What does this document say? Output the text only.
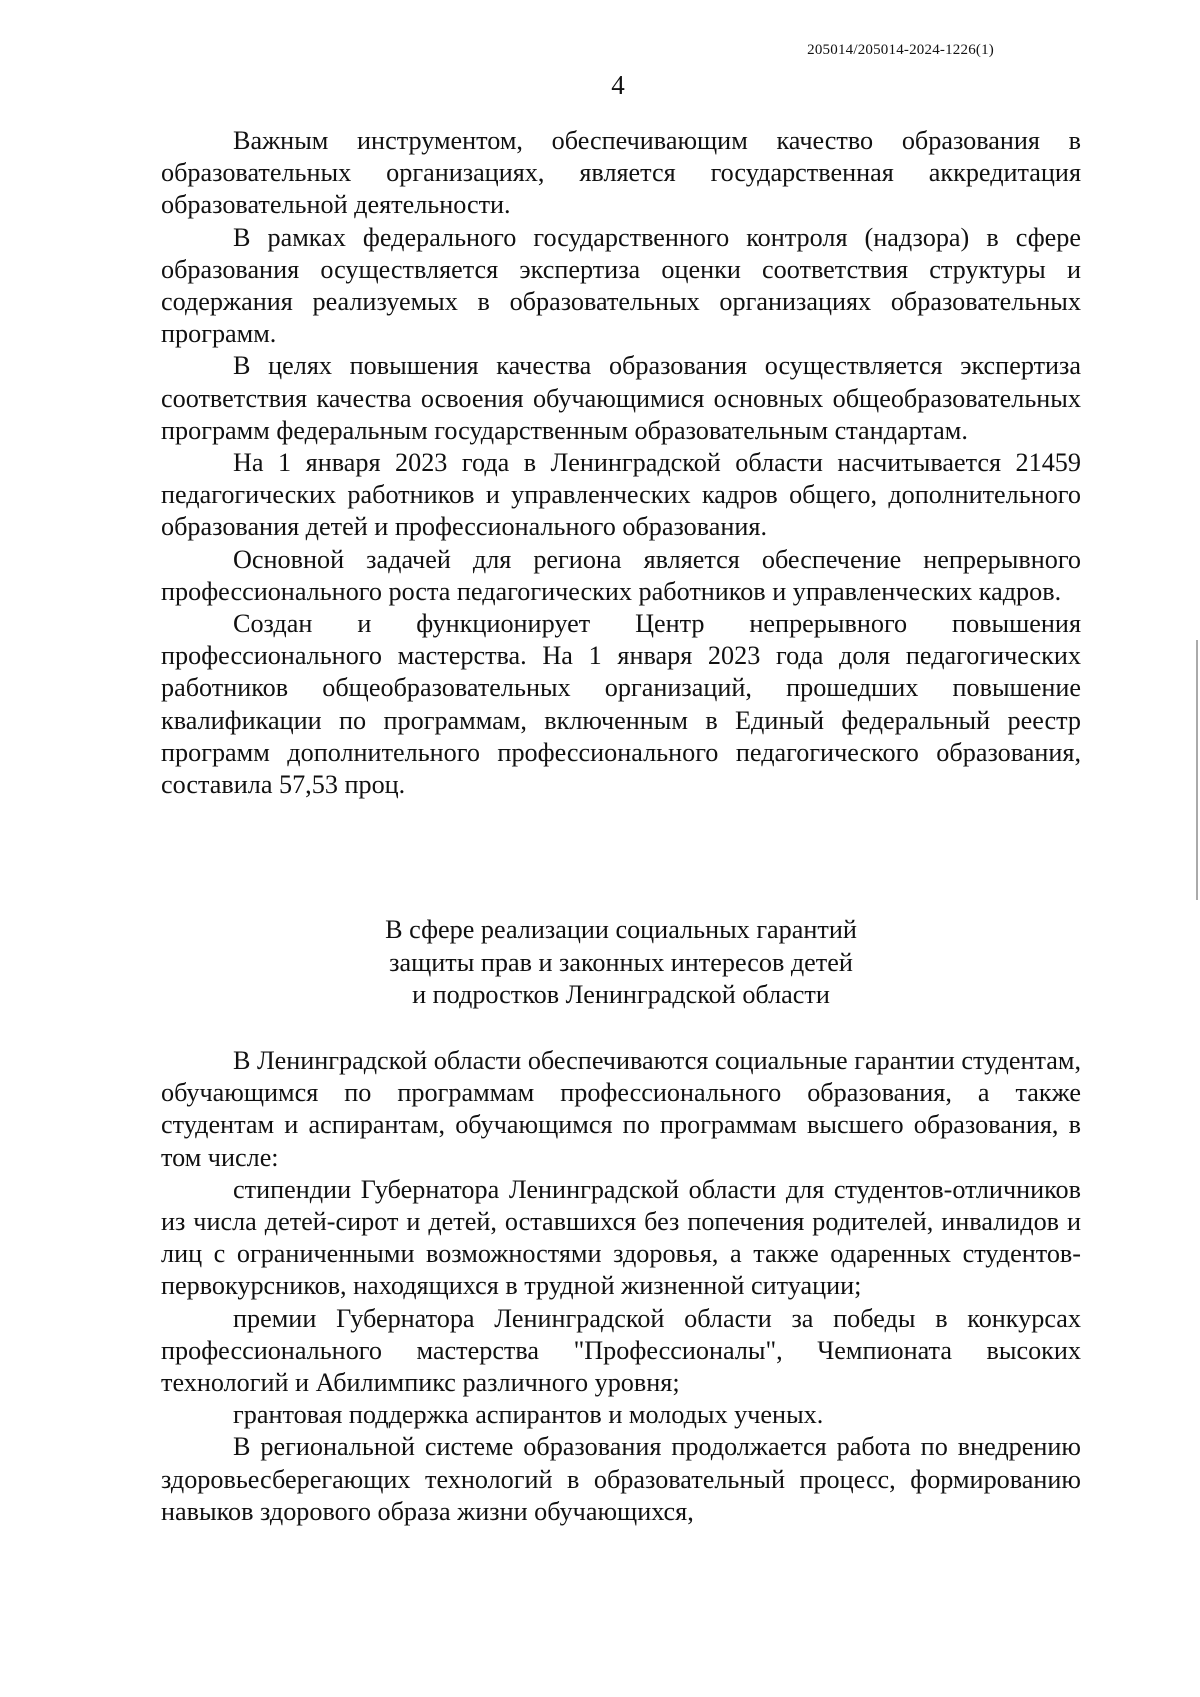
205014/205014-2024-1226(1)
4

Важным инструментом, обеспечивающим качество образования в образовательных организациях, является государственная аккредитация образовательной деятельности.

В рамках федерального государственного контроля (надзора) в сфере образования осуществляется экспертиза оценки соответствия структуры и содержания реализуемых в образовательных организациях образовательных программ.

В целях повышения качества образования осуществляется экспертиза соответствия качества освоения обучающимися основных общеобразовательных программ федеральным государственным образовательным стандартам.

На 1 января 2023 года в Ленинградской области насчитывается 21459 педагогических работников и управленческих кадров общего, дополнительного образования детей и профессионального образования.

Основной задачей для региона является обеспечение непрерывного профессионального роста педагогических работников и управленческих кадров.

Создан и функционирует Центр непрерывного повышения профессионального мастерства. На 1 января 2023 года доля педагогических работников общеобразовательных организаций, прошедших повышение квалификации по программам, включенным в Единый федеральный реестр программ дополнительного профессионального педагогического образования, составила 57,53 проц.

В сфере реализации социальных гарантий
защиты прав и законных интересов детей
и подростков Ленинградской области

В Ленинградской области обеспечиваются социальные гарантии студентам, обучающимся по программам профессионального образования, а также студентам и аспирантам, обучающимся по программам высшего образования, в том числе:

стипендии Губернатора Ленинградской области для студентов-отличников из числа детей-сирот и детей, оставшихся без попечения родителей, инвалидов и лиц с ограниченными возможностями здоровья, а также одаренных студентов-первокурсников, находящихся в трудной жизненной ситуации;

премии Губернатора Ленинградской области за победы в конкурсах профессионального мастерства "Профессионалы", Чемпионата высоких технологий и Абилимпикс различного уровня;

грантовая поддержка аспирантов и молодых ученых.

В региональной системе образования продолжается работа по внедрению здоровьесберегающих технологий в образовательный процесс, формированию навыков здорового образа жизни обучающихся,
